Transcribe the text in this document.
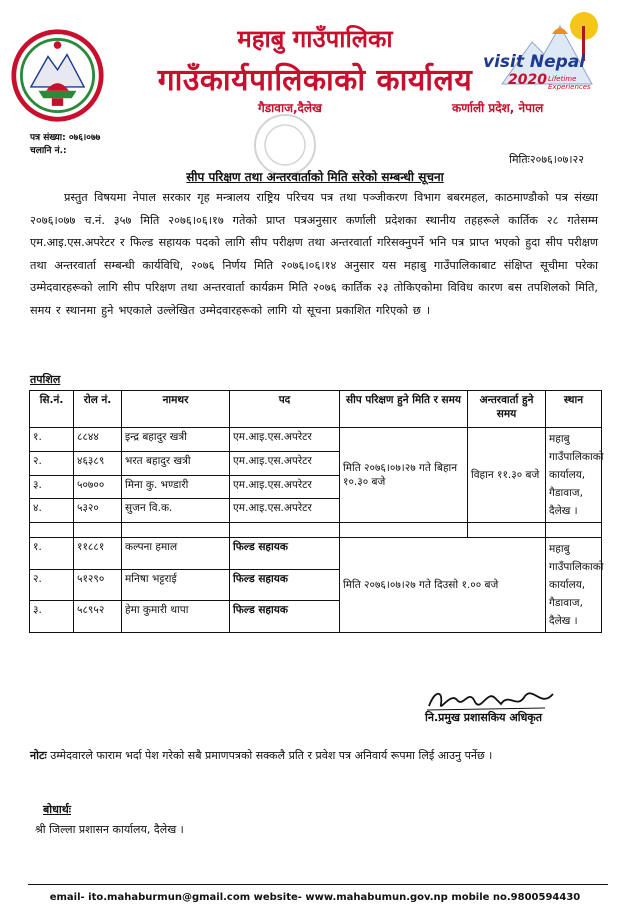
visit Nepal
2020 Lifetime Experiences
महाबु गाउँपालिका
गाउँकार्यपालिकाको कार्यालय
गैडावाज,दैलेख	कर्णाली प्रदेश, नेपाल
पत्र संख्या: ०७६।०७७
चलानि नं.:
मितिः२०७६।०७।२२
सीप परिक्षण तथा अन्तरवार्ताको मिति सरेको सम्बन्धी सूचना
प्रस्तुत विषयमा नेपाल सरकार गृह मन्त्रालय राष्ट्रिय परिचय पत्र तथा पञ्जीकरण विभाग बबरमहल, काठमाण्डौको पत्र संख्या २०७६।०७७ च.नं. ३५७ मिति २०७६।०६।१७ गतेको प्राप्त पत्रअनुसार कर्णाली प्रदेशका स्थानीय तहहरूले कार्तिक २८ गतेसम्म एम.आइ.एस.अपरेटर र फिल्ड सहायक पदको लागि सीप परीक्षण तथा अन्तरवार्ता गरिसक्नुपर्ने भनि पत्र प्राप्त भएको हुदा सीप परीक्षण तथा अन्तरवार्ता सम्बन्धी कार्यविधि, २०७६ निर्णय मिति २०७६।०६।१४ अनुसार यस महाबु गाउँपालिकाबाट संक्षिप्त सूचीमा परेका उम्मेदवारहरूको लागि सीप परिक्षण तथा अन्तरवार्ता कार्यक्रम मिति २०७६ कार्तिक २३ तोकिएकोमा विविध कारण बस तपशिलको मिति, समय र स्थानमा हुने भएकाले उल्लेखित उम्मेदवारहरूको लागि यो सूचना प्रकाशित गरिएको छ ।
तपशिल
सि.नं.	रोल नं.	नामथर	पद	सीप परिक्षण हुने मिति र समय	अन्तरवार्ता हुने समय	स्थान
१.	८८४४	इन्द्र बहादुर खत्री	एम.आइ.एस.अपरेटर	मिति २०७६।०७।२७ गते बिहान १०.३० बजे	विहान ११.३० बजे	महाबु गाउँपालिकाको कार्यालय, गैडावाज, दैलेख ।
२.	४६३८९	भरत बहादुर खत्री	एम.आइ.एस.अपरेटर			
३.	५०७००	मिना कु. भण्डारी	एम.आइ.एस.अपरेटर			
४.	५३२०	सुजन वि.क.	एम.आइ.एस.अपरेटर			

१.	११८८१	कल्पना हमाल	फिल्ड सहायक	मिति २०७६।०७।२७ गते दिउसो १.०० बजे		महाबु गाउँपालिकाको कार्यालय, गैडावाज, दैलेख ।
२.	५१२९०	मनिषा भट्टराई	फिल्ड सहायक			
३.	५८९५२	हेमा कुमारी थापा	फिल्ड सहायक			
नि.प्रमुख प्रशासकिय अधिकृत
नोटः उम्मेदवारले फाराम भर्दा पेश गरेको सबै प्रमाणपत्रको सक्कलै प्रति र प्रवेश पत्र अनिवार्य रूपमा लिई आउनु पर्नेछ ।
बोधार्थः
श्री जिल्ला प्रशासन कार्यालय, दैलेख ।
email- ito.mahaburmun@gmail.com website- www.mahabumun.gov.np mobile no.9800594430
